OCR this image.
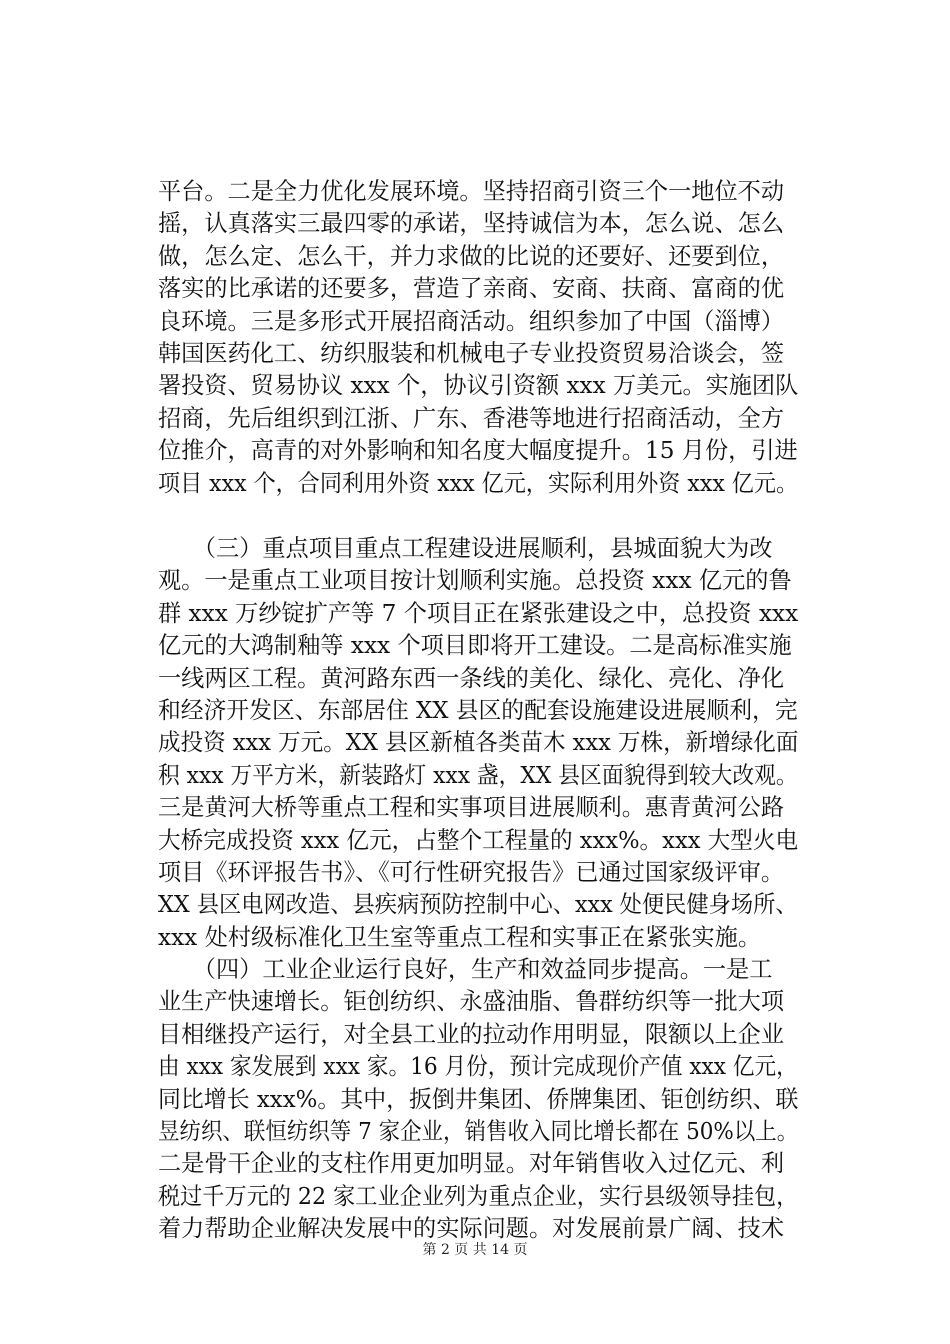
平台。二是全力优化发展环境。坚持招商引资三个一地位不动
摇，认真落实三最四零的承诺，坚持诚信为本，怎么说、怎么
做，怎么定、怎么干，并力求做的比说的还要好、还要到位，
落实的比承诺的还要多，营造了亲商、安商、扶商、富商的优
良环境。三是多形式开展招商活动。组织参加了中国（淄博）
韩国医药化工、纺织服装和机械电子专业投资贸易洽谈会，签
署投资、贸易协议 xxx 个，协议引资额 xxx 万美元。实施团队
招商，先后组织到江浙、广东、香港等地进行招商活动，全方
位推介，高青的对外影响和知名度大幅度提升。15 月份，引进
项目 xxx 个，合同利用外资 xxx 亿元，实际利用外资 xxx 亿元。
　　（三）重点项目重点工程建设进展顺利，县城面貌大为改
观。一是重点工业项目按计划顺利实施。总投资 xxx 亿元的鲁
群 xxx 万纱锭扩产等 7 个项目正在紧张建设之中，总投资 xxx
亿元的大鸿制釉等 xxx 个项目即将开工建设。二是高标准实施
一线两区工程。黄河路东西一条线的美化、绿化、亮化、净化
和经济开发区、东部居住 XX 县区的配套设施建设进展顺利，完
成投资 xxx 万元。XX 县区新植各类苗木 xxx 万株，新增绿化面
积 xxx 万平方米，新装路灯 xxx 盏，XX 县区面貌得到较大改观。
三是黄河大桥等重点工程和实事项目进展顺利。惠青黄河公路
大桥完成投资 xxx 亿元，占整个工程量的 xxx%。xxx 大型火电
项目《环评报告书》、《可行性研究报告》已通过国家级评审。
XX 县区电网改造、县疾病预防控制中心、xxx 处便民健身场所、
xxx 处村级标准化卫生室等重点工程和实事正在紧张实施。
　　（四）工业企业运行良好，生产和效益同步提高。一是工
业生产快速增长。钜创纺织、永盛油脂、鲁群纺织等一批大项
目相继投产运行，对全县工业的拉动作用明显，限额以上企业
由 xxx 家发展到 xxx 家。16 月份，预计完成现价产值 xxx 亿元，
同比增长 xxx%。其中，扳倒井集团、侨牌集团、钜创纺织、联
昱纺织、联恒纺织等 7 家企业，销售收入同比增长都在 50%以上。
二是骨干企业的支柱作用更加明显。对年销售收入过亿元、利
税过千万元的 22 家工业企业列为重点企业，实行县级领导挂包，
着力帮助企业解决发展中的实际问题。对发展前景广阔、技术
第 2 页 共 14 页
